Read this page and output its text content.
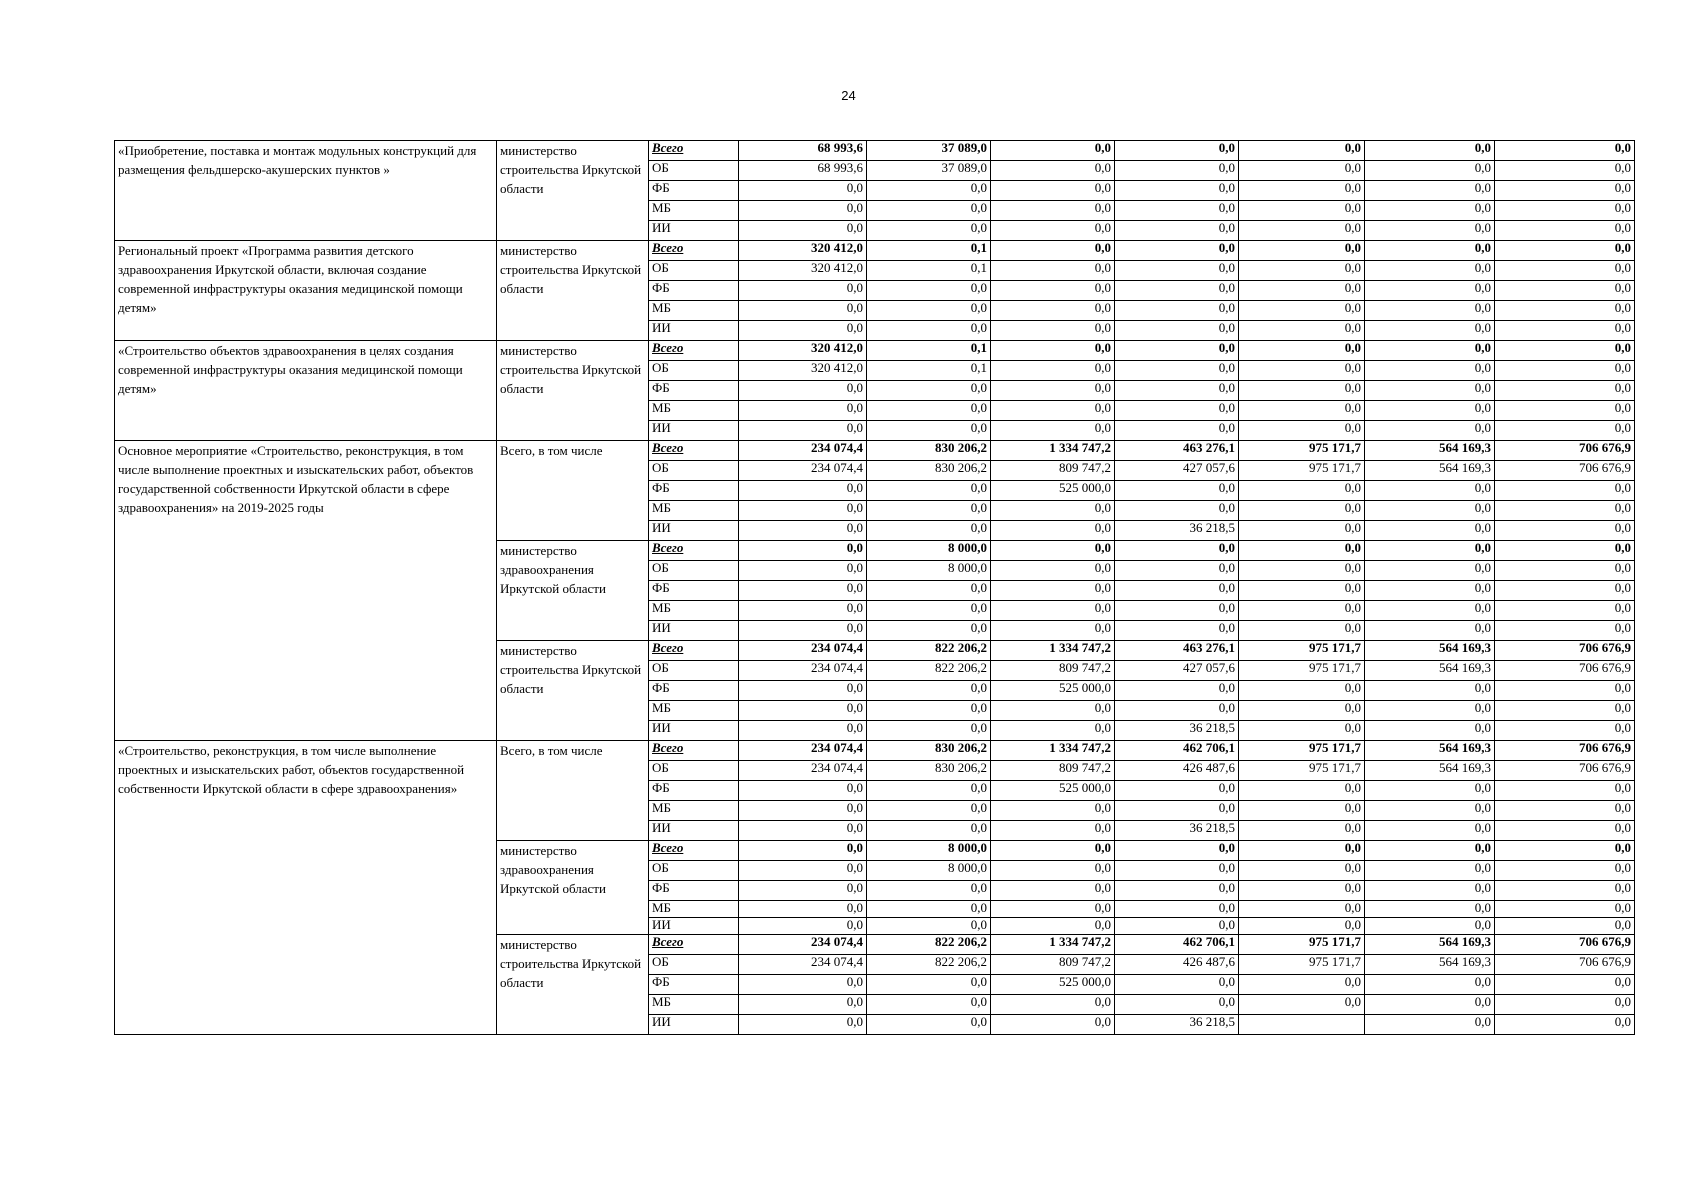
24
«Приобретение, поставка и монтаж модульных конструкций для размещения фельдшерско-акушерских пунктов »	министерство строительства Иркутской области	Всего	68 993,6	37 089,0	0,0	0,0	0,0	0,0	0,0
		ОБ	68 993,6	37 089,0	0,0	0,0	0,0	0,0	0,0
		ФБ	0,0	0,0	0,0	0,0	0,0	0,0	0,0
		МБ	0,0	0,0	0,0	0,0	0,0	0,0	0,0
		ИИ	0,0	0,0	0,0	0,0	0,0	0,0	0,0
Региональный проект «Программа развития детского здравоохранения Иркутской области, включая создание современной инфраструктуры оказания медицинской помощи детям»	министерство строительства Иркутской области	Всего	320 412,0	0,1	0,0	0,0	0,0	0,0	0,0
		ОБ	320 412,0	0,1	0,0	0,0	0,0	0,0	0,0
		ФБ	0,0	0,0	0,0	0,0	0,0	0,0	0,0
		МБ	0,0	0,0	0,0	0,0	0,0	0,0	0,0
		ИИ	0,0	0,0	0,0	0,0	0,0	0,0	0,0
«Строительство объектов здравоохранения в целях создания современной инфраструктуры оказания медицинской помощи детям»	министерство строительства Иркутской области	Всего	320 412,0	0,1	0,0	0,0	0,0	0,0	0,0
		ОБ	320 412,0	0,1	0,0	0,0	0,0	0,0	0,0
		ФБ	0,0	0,0	0,0	0,0	0,0	0,0	0,0
		МБ	0,0	0,0	0,0	0,0	0,0	0,0	0,0
		ИИ	0,0	0,0	0,0	0,0	0,0	0,0	0,0
Основное мероприятие «Строительство, реконструкция, в том числе выполнение проектных и изыскательских работ, объектов государственной собственности Иркутской области в сфере здравоохранения» на 2019-2025 годы	Всего, в том числе	Всего	234 074,4	830 206,2	1 334 747,2	463 276,1	975 171,7	564 169,3	706 676,9
		ОБ	234 074,4	830 206,2	809 747,2	427 057,6	975 171,7	564 169,3	706 676,9
		ФБ	0,0	0,0	525 000,0	0,0	0,0	0,0	0,0
		МБ	0,0	0,0	0,0	0,0	0,0	0,0	0,0
		ИИ	0,0	0,0	0,0	36 218,5	0,0	0,0	0,0
	министерство здравоохранения Иркутской области	Всего	0,0	8 000,0	0,0	0,0	0,0	0,0	0,0
		ОБ	0,0	8 000,0	0,0	0,0	0,0	0,0	0,0
		ФБ	0,0	0,0	0,0	0,0	0,0	0,0	0,0
		МБ	0,0	0,0	0,0	0,0	0,0	0,0	0,0
		ИИ	0,0	0,0	0,0	0,0	0,0	0,0	0,0
	министерство строительства Иркутской области	Всего	234 074,4	822 206,2	1 334 747,2	463 276,1	975 171,7	564 169,3	706 676,9
		ОБ	234 074,4	822 206,2	809 747,2	427 057,6	975 171,7	564 169,3	706 676,9
		ФБ	0,0	0,0	525 000,0	0,0	0,0	0,0	0,0
		МБ	0,0	0,0	0,0	0,0	0,0	0,0	0,0
		ИИ	0,0	0,0	0,0	36 218,5	0,0	0,0	0,0
«Строительство, реконструкция, в том числе выполнение проектных и изыскательских работ, объектов государственной собственности Иркутской области в сфере здравоохранения»	Всего, в том числе	Всего	234 074,4	830 206,2	1 334 747,2	462 706,1	975 171,7	564 169,3	706 676,9
		ОБ	234 074,4	830 206,2	809 747,2	426 487,6	975 171,7	564 169,3	706 676,9
		ФБ	0,0	0,0	525 000,0	0,0	0,0	0,0	0,0
		МБ	0,0	0,0	0,0	0,0	0,0	0,0	0,0
		ИИ	0,0	0,0	0,0	36 218,5	0,0	0,0	0,0
	министерство здравоохранения Иркутской области	Всего	0,0	8 000,0	0,0	0,0	0,0	0,0	0,0
		ОБ	0,0	8 000,0	0,0	0,0	0,0	0,0	0,0
		ФБ	0,0	0,0	0,0	0,0	0,0	0,0	0,0
		МБ	0,0	0,0	0,0	0,0	0,0	0,0	0,0
		ИИ	0,0	0,0	0,0	0,0	0,0	0,0	0,0
	министерство строительства Иркутской области	Всего	234 074,4	822 206,2	1 334 747,2	462 706,1	975 171,7	564 169,3	706 676,9
		ОБ	234 074,4	822 206,2	809 747,2	426 487,6	975 171,7	564 169,3	706 676,9
		ФБ	0,0	0,0	525 000,0	0,0	0,0	0,0	0,0
		МБ	0,0	0,0	0,0	0,0	0,0	0,0	0,0
		ИИ	0,0	0,0	0,0	36 218,5		0,0	0,0
